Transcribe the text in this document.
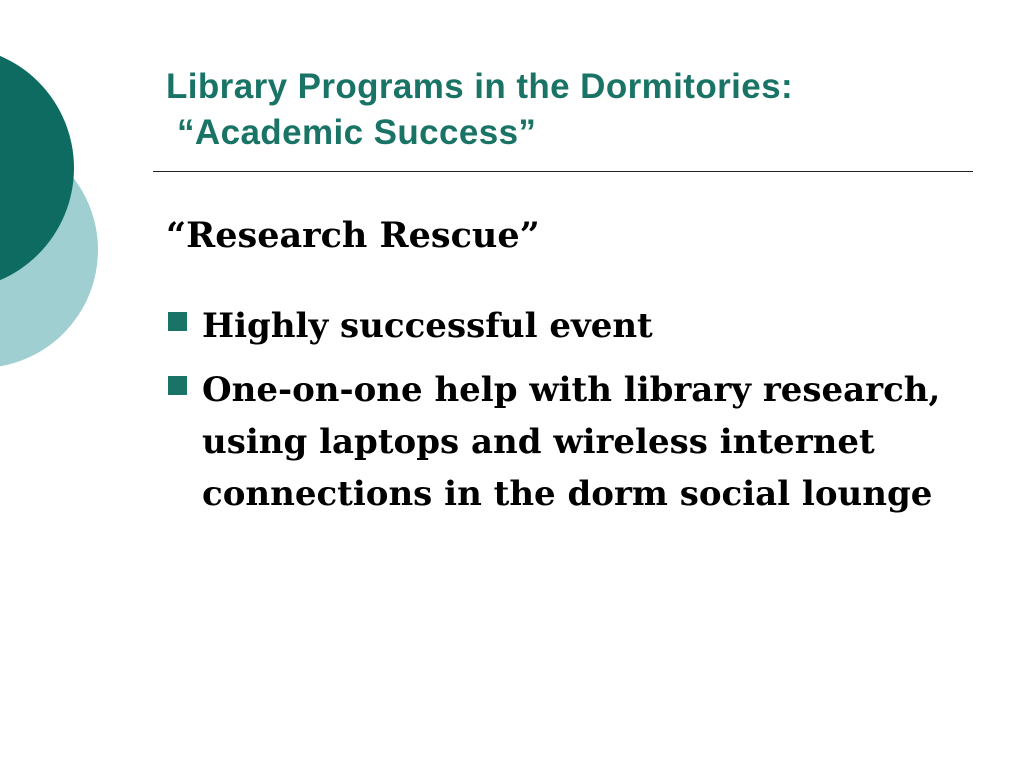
Library Programs in the Dormitories:
“Academic Success”
“Research Rescue”
Highly successful event
One-on-one help with library research,
using laptops and wireless internet
connections in the dorm social lounge
